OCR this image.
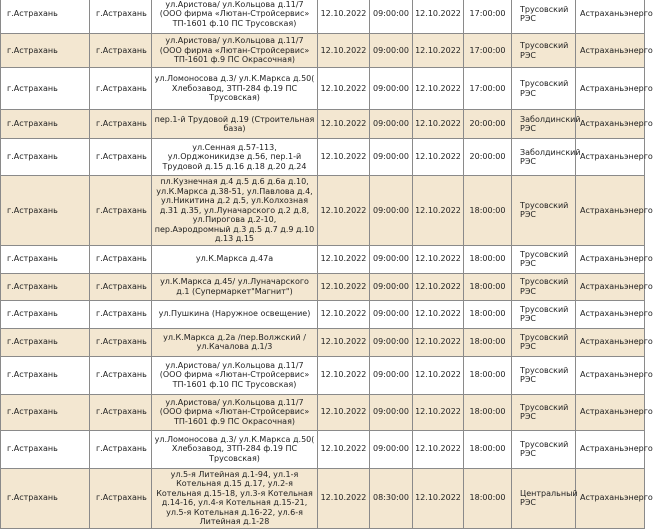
г.Астрахань	г.Астрахань	ул.Аристова/ ул.Кольцова д.11/7 (ООО фирма «Лютан-Стройсервис» ТП-1601 ф.10 ПС Трусовская)	12.10.2022	09:00:00	12.10.2022	17:00:00	Трусовский РЭС	Астраханьэнерго
г.Астрахань	г.Астрахань	ул.Аристова/ ул.Кольцова д.11/7 (ООО фирма «Лютан-Стройсервис» ТП-1601 ф.9 ПС Окрасочная)	12.10.2022	09:00:00	12.10.2022	17:00:00	Трусовский РЭС	Астраханьэнерго
г.Астрахань	г.Астрахань	ул.Ломоносова д.3/ ул.К.Маркса д.50( Хлебозавод, ЗТП-284 ф.19 ПС Трусовская)	12.10.2022	09:00:00	12.10.2022	17:00:00	Трусовский РЭС	Астраханьэнерго
г.Астрахань	г.Астрахань	пер.1-й Трудовой д.19 (Строительная база)	12.10.2022	09:00:00	12.10.2022	20:00:00	Заболдинский РЭС	Астраханьэнерго
г.Астрахань	г.Астрахань	ул.Сенная д.57-113, ул.Орджоникидзе д.56, пер.1-й Трудовой д.15 д.16 д.18 д.20 д.24	12.10.2022	09:00:00	12.10.2022	20:00:00	Заболдинский РЭС	Астраханьэнерго
г.Астрахань	г.Астрахань	пл.Кузнечная д.4 д.5 д.6 д.6а д.10, ул.К.Маркса д.38-51, ул.Павлова д.4, ул.Никитина д.2 д.5, ул.Колхозная д.31 д.35, ул.Луначарского д.2 д.8, ул.Пирогова д.2-10, пер.Аэродромный д.3 д.5 д.7 д.9 д.10 д.13 д.15	12.10.2022	09:00:00	12.10.2022	18:00:00	Трусовский РЭС	Астраханьэнерго
г.Астрахань	г.Астрахань	ул.К.Маркса д.47а	12.10.2022	09:00:00	12.10.2022	18:00:00	Трусовский РЭС	Астраханьэнерго
г.Астрахань	г.Астрахань	ул.К.Маркса д.45/ ул.Луначарского д.1 (Супермаркет"Магнит")	12.10.2022	09:00:00	12.10.2022	18:00:00	Трусовский РЭС	Астраханьэнерго
г.Астрахань	г.Астрахань	ул.Пушкина (Наружное освещение)	12.10.2022	09:00:00	12.10.2022	18:00:00	Трусовский РЭС	Астраханьэнерго
г.Астрахань	г.Астрахань	ул.К.Маркса д.2а /пер.Волжский / ул.Качалова д.1/3	12.10.2022	09:00:00	12.10.2022	18:00:00	Трусовский РЭС	Астраханьэнерго
г.Астрахань	г.Астрахань	ул.Аристова/ ул.Кольцова д.11/7 (ООО фирма «Лютан-Стройсервис» ТП-1601 ф.10 ПС Трусовская)	12.10.2022	09:00:00	12.10.2022	18:00:00	Трусовский РЭС	Астраханьэнерго
г.Астрахань	г.Астрахань	ул.Аристова/ ул.Кольцова д.11/7 (ООО фирма «Лютан-Стройсервис» ТП-1601 ф.9 ПС Окрасочная)	12.10.2022	09:00:00	12.10.2022	18:00:00	Трусовский РЭС	Астраханьэнерго
г.Астрахань	г.Астрахань	ул.Ломоносова д.3/ ул.К.Маркса д.50( Хлебозавод, ЗТП-284 ф.19 ПС Трусовская)	12.10.2022	09:00:00	12.10.2022	18:00:00	Трусовский РЭС	Астраханьэнерго
г.Астрахань	г.Астрахань	ул.5-я Литейная д.1-94, ул.1-я Котельная д.15 д.17, ул.2-я Котельная д.15-18, ул.3-я Котельная д.14-16, ул.4-я Котельная д.15-21, ул.5-я Котельная д.16-22, ул.6-я Литейная д.1-28	12.10.2022	08:30:00	12.10.2022	18:00:00	Центральный РЭС	Астраханьэнерго
